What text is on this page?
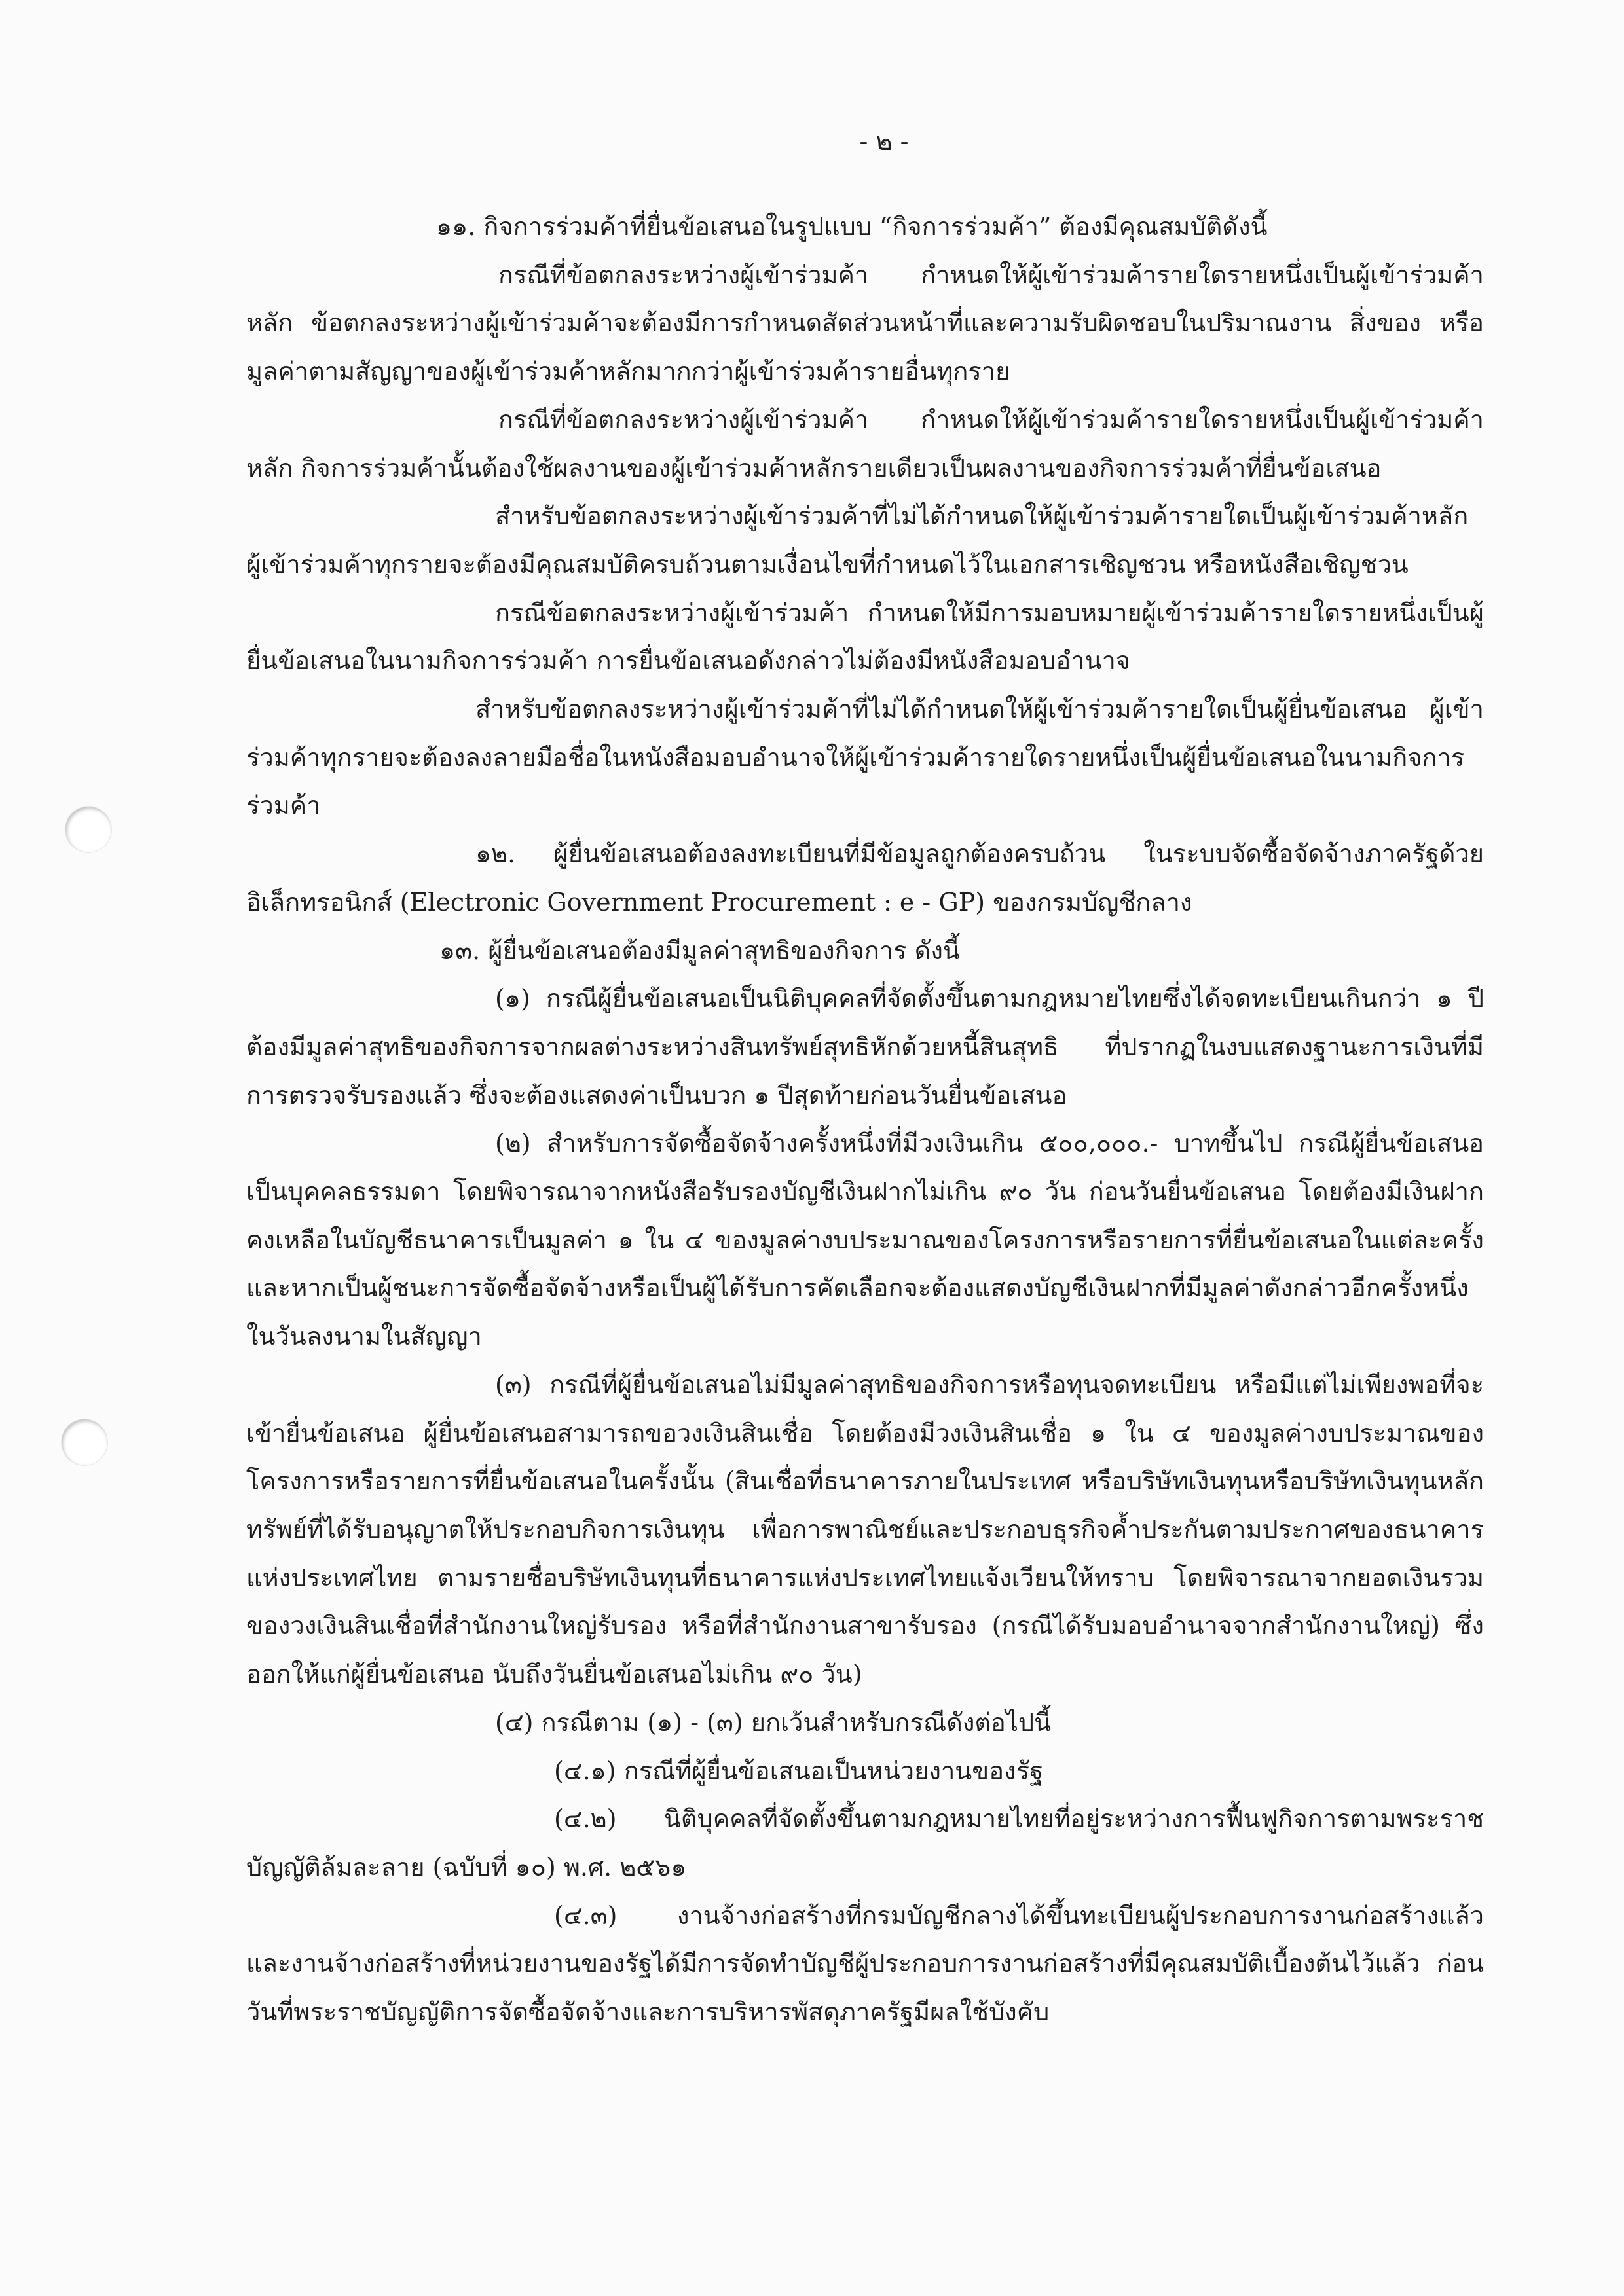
- ๒ -

๑๑. กิจการร่วมค้าที่ยื่นข้อเสนอในรูปแบบ “กิจการร่วมค้า” ต้องมีคุณสมบัติดังนี้

กรณีที่ข้อตกลงระหว่างผู้เข้าร่วมค้า กำหนดให้ผู้เข้าร่วมค้ารายใดรายหนึ่งเป็นผู้เข้าร่วมค้าหลัก ข้อตกลงระหว่างผู้เข้าร่วมค้าจะต้องมีการกำหนดสัดส่วนหน้าที่และความรับผิดชอบในปริมาณงาน สิ่งของ หรือมูลค่าตามสัญญาของผู้เข้าร่วมค้าหลักมากกว่าผู้เข้าร่วมค้ารายอื่นทุกราย

กรณีที่ข้อตกลงระหว่างผู้เข้าร่วมค้า กำหนดให้ผู้เข้าร่วมค้ารายใดรายหนึ่งเป็นผู้เข้าร่วมค้าหลัก กิจการร่วมค้านั้นต้องใช้ผลงานของผู้เข้าร่วมค้าหลักรายเดียวเป็นผลงานของกิจการร่วมค้าที่ยื่นข้อเสนอ

สำหรับข้อตกลงระหว่างผู้เข้าร่วมค้าที่ไม่ได้กำหนดให้ผู้เข้าร่วมค้ารายใดเป็นผู้เข้าร่วมค้าหลัก ผู้เข้าร่วมค้าทุกรายจะต้องมีคุณสมบัติครบถ้วนตามเงื่อนไขที่กำหนดไว้ในเอกสารเชิญชวน หรือหนังสือเชิญชวน

กรณีข้อตกลงระหว่างผู้เข้าร่วมค้า กำหนดให้มีการมอบหมายผู้เข้าร่วมค้ารายใดรายหนึ่งเป็นผู้ยื่นข้อเสนอในนามกิจการร่วมค้า การยื่นข้อเสนอดังกล่าวไม่ต้องมีหนังสือมอบอำนาจ

สำหรับข้อตกลงระหว่างผู้เข้าร่วมค้าที่ไม่ได้กำหนดให้ผู้เข้าร่วมค้ารายใดเป็นผู้ยื่นข้อเสนอ ผู้เข้าร่วมค้าทุกรายจะต้องลงลายมือชื่อในหนังสือมอบอำนาจให้ผู้เข้าร่วมค้ารายใดรายหนึ่งเป็นผู้ยื่นข้อเสนอในนามกิจการร่วมค้า

๑๒. ผู้ยื่นข้อเสนอต้องลงทะเบียนที่มีข้อมูลถูกต้องครบถ้วน ในระบบจัดซื้อจัดจ้างภาครัฐด้วยอิเล็กทรอนิกส์ (Electronic Government Procurement : e - GP) ของกรมบัญชีกลาง

๑๓. ผู้ยื่นข้อเสนอต้องมีมูลค่าสุทธิของกิจการ ดังนี้

(๑) กรณีผู้ยื่นข้อเสนอเป็นนิติบุคคลที่จัดตั้งขึ้นตามกฎหมายไทยซึ่งได้จดทะเบียนเกินกว่า ๑ ปี ต้องมีมูลค่าสุทธิของกิจการจากผลต่างระหว่างสินทรัพย์สุทธิหักด้วยหนี้สินสุทธิ ที่ปรากฏในงบแสดงฐานะการเงินที่มีการตรวจรับรองแล้ว ซึ่งจะต้องแสดงค่าเป็นบวก ๑ ปีสุดท้ายก่อนวันยื่นข้อเสนอ

(๒) สำหรับการจัดซื้อจัดจ้างครั้งหนึ่งที่มีวงเงินเกิน ๕๐๐,๐๐๐.- บาทขึ้นไป กรณีผู้ยื่นข้อเสนอเป็นบุคคลธรรมดา โดยพิจารณาจากหนังสือรับรองบัญชีเงินฝากไม่เกิน ๙๐ วัน ก่อนวันยื่นข้อเสนอ โดยต้องมีเงินฝากคงเหลือในบัญชีธนาคารเป็นมูลค่า ๑ ใน ๔ ของมูลค่างบประมาณของโครงการหรือรายการที่ยื่นข้อเสนอในแต่ละครั้ง และหากเป็นผู้ชนะการจัดซื้อจัดจ้างหรือเป็นผู้ได้รับการคัดเลือกจะต้องแสดงบัญชีเงินฝากที่มีมูลค่าดังกล่าวอีกครั้งหนึ่งในวันลงนามในสัญญา

(๓) กรณีที่ผู้ยื่นข้อเสนอไม่มีมูลค่าสุทธิของกิจการหรือทุนจดทะเบียน หรือมีแต่ไม่เพียงพอที่จะเข้ายื่นข้อเสนอ ผู้ยื่นข้อเสนอสามารถขอวงเงินสินเชื่อ โดยต้องมีวงเงินสินเชื่อ ๑ ใน ๔ ของมูลค่างบประมาณของโครงการหรือรายการที่ยื่นข้อเสนอในครั้งนั้น (สินเชื่อที่ธนาคารภายในประเทศ หรือบริษัทเงินทุนหรือบริษัทเงินทุนหลักทรัพย์ที่ได้รับอนุญาตให้ประกอบกิจการเงินทุน เพื่อการพาณิชย์และประกอบธุรกิจค้ำประกันตามประกาศของธนาคารแห่งประเทศไทย ตามรายชื่อบริษัทเงินทุนที่ธนาคารแห่งประเทศไทยแจ้งเวียนให้ทราบ โดยพิจารณาจากยอดเงินรวมของวงเงินสินเชื่อที่สำนักงานใหญ่รับรอง หรือที่สำนักงานสาขารับรอง (กรณีได้รับมอบอำนาจจากสำนักงานใหญ่) ซึ่งออกให้แก่ผู้ยื่นข้อเสนอ นับถึงวันยื่นข้อเสนอไม่เกิน ๙๐ วัน)

(๔) กรณีตาม (๑) - (๓) ยกเว้นสำหรับกรณีดังต่อไปนี้

(๔.๑) กรณีที่ผู้ยื่นข้อเสนอเป็นหน่วยงานของรัฐ

(๔.๒) นิติบุคคลที่จัดตั้งขึ้นตามกฎหมายไทยที่อยู่ระหว่างการฟื้นฟูกิจการตามพระราชบัญญัติล้มละลาย (ฉบับที่ ๑๐) พ.ศ. ๒๕๖๑

(๔.๓) งานจ้างก่อสร้างที่กรมบัญชีกลางได้ขึ้นทะเบียนผู้ประกอบการงานก่อสร้างแล้ว และงานจ้างก่อสร้างที่หน่วยงานของรัฐได้มีการจัดทำบัญชีผู้ประกอบการงานก่อสร้างที่มีคุณสมบัติเบื้องต้นไว้แล้ว ก่อนวันที่พระราชบัญญัติการจัดซื้อจัดจ้างและการบริหารพัสดุภาครัฐมีผลใช้บังคับ
